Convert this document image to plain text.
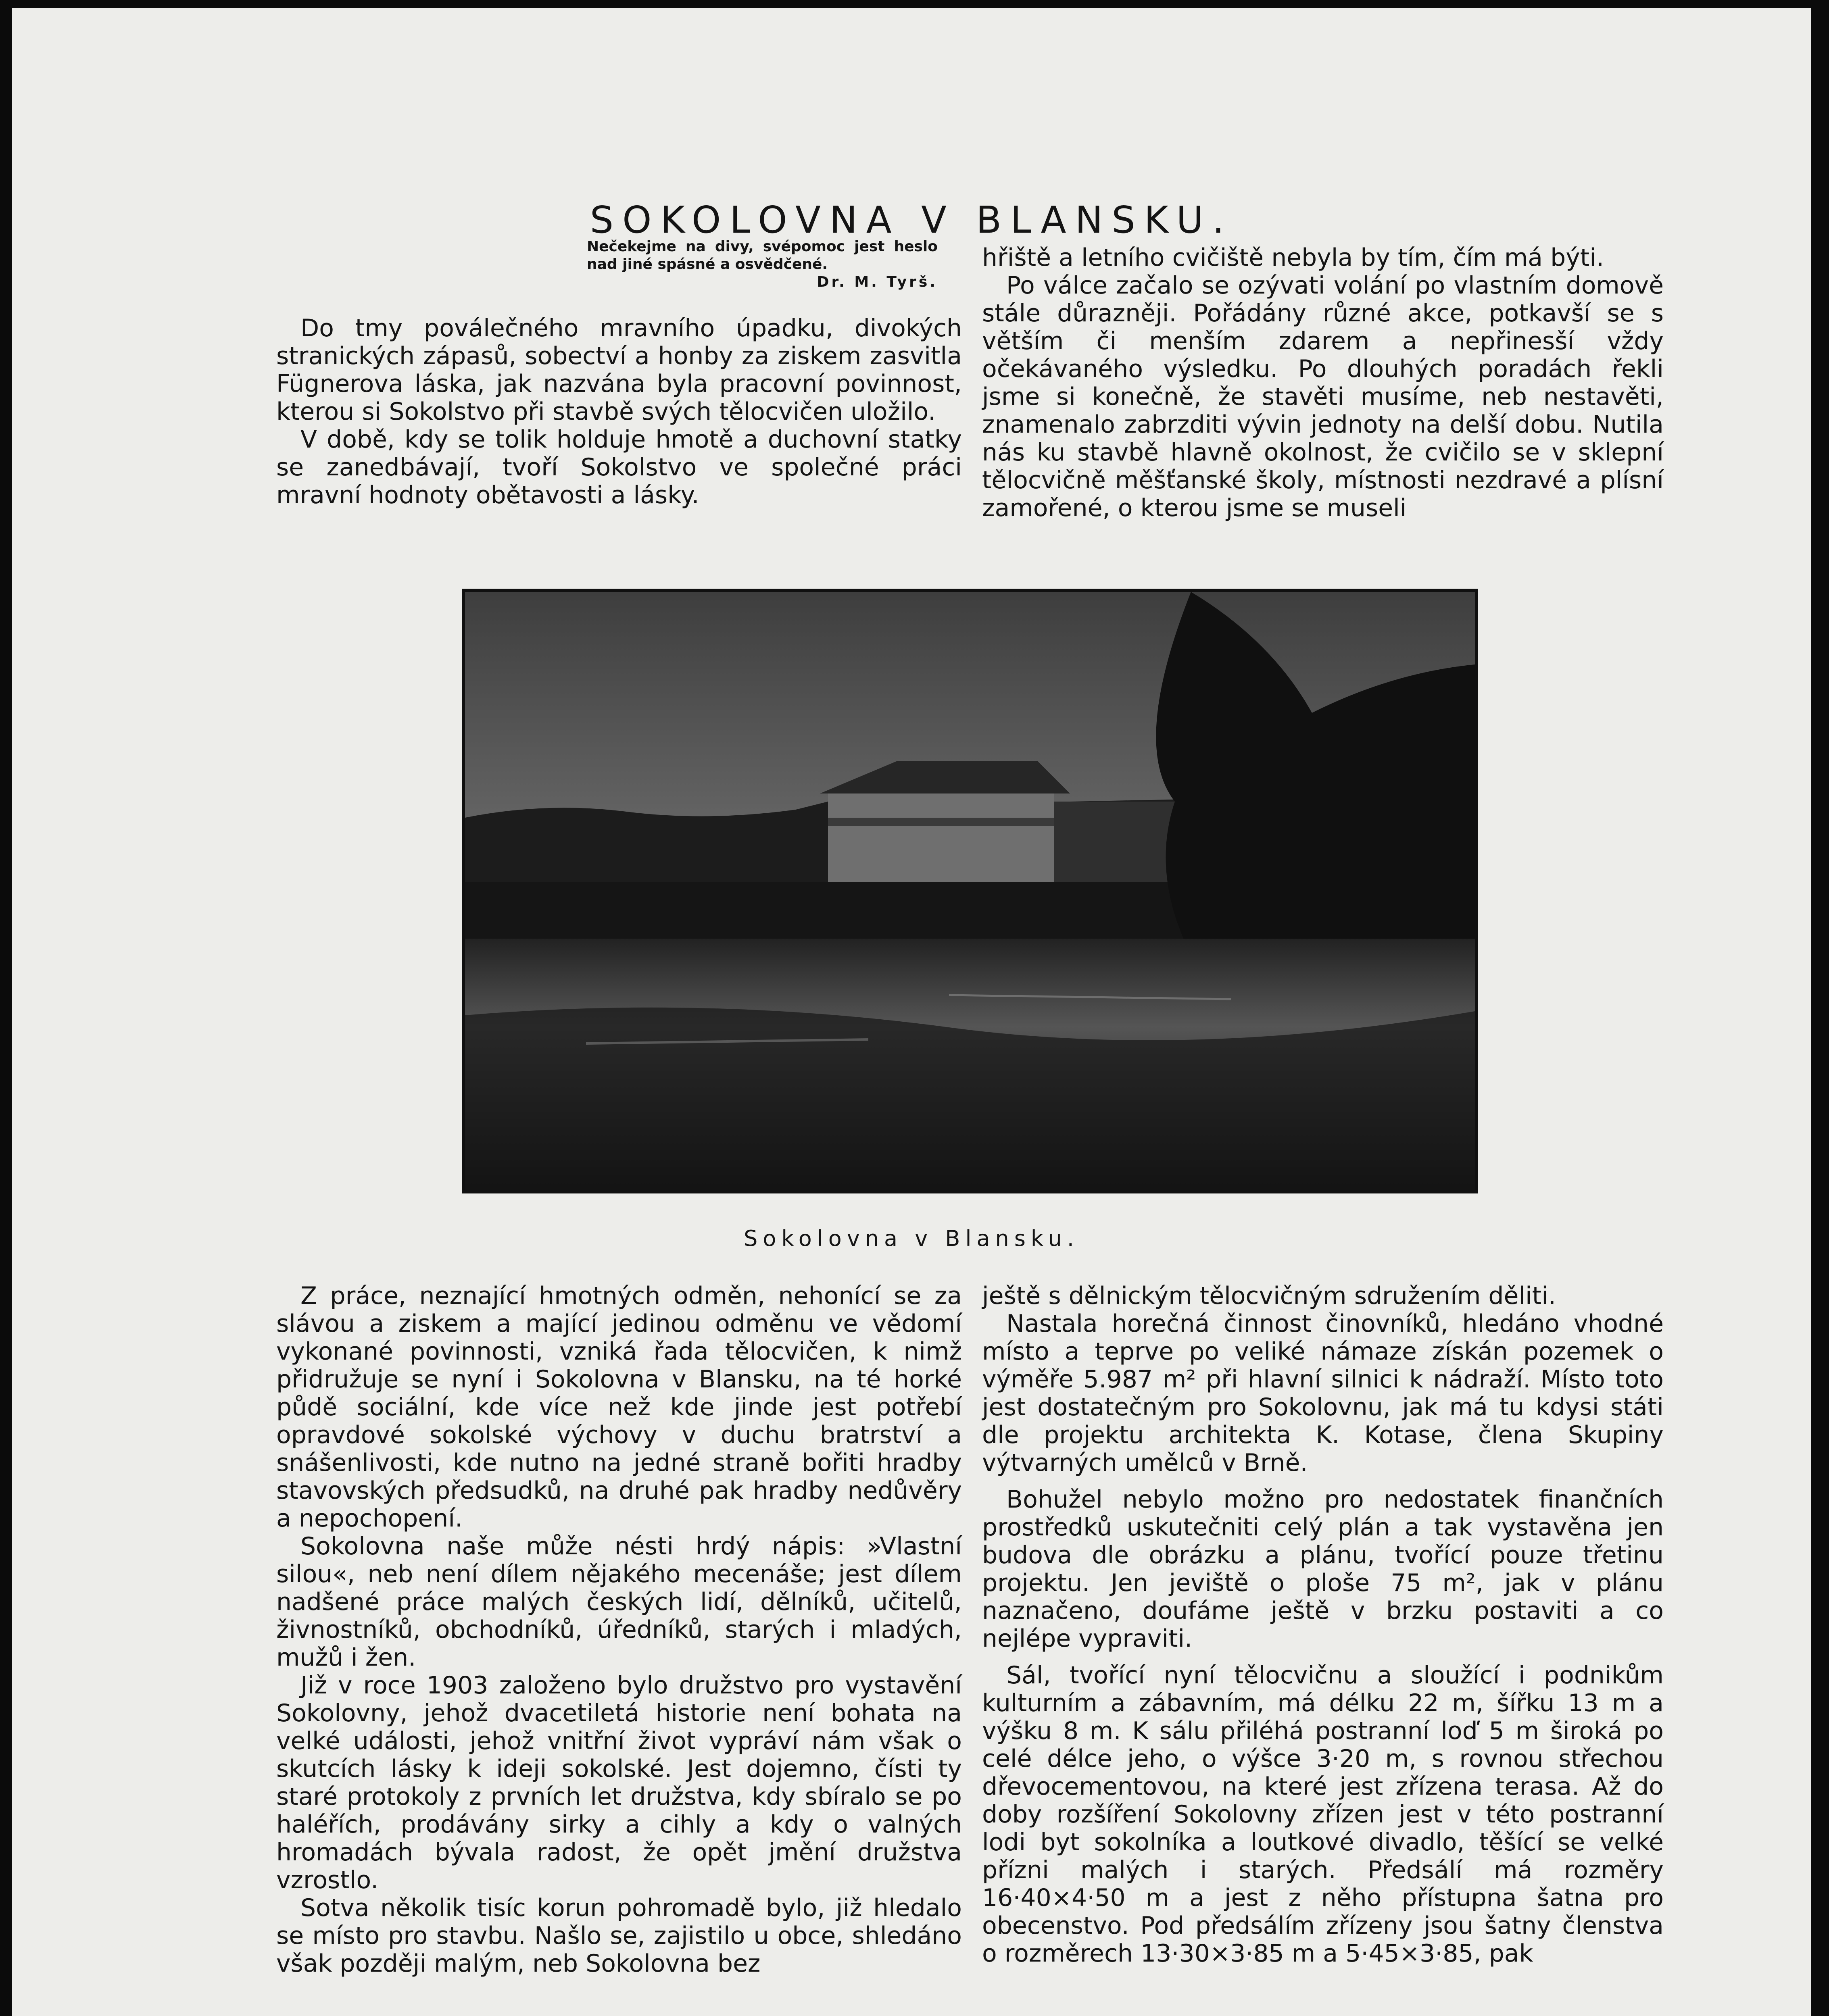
SOKOLOVNA V BLANSKU.
Nečekejme na divy, svépomoc jest heslo nad jiné spásné a osvědčené.
Dr. M. Tyrš.

Do tmy poválečného mravního úpadku, divokých stranických zápasů, sobectví a honby za ziskem zasvitla Fügnerova láska, jak nazvána byla pracovní povinnost, kterou si Sokolstvo při stavbě svých tělocvičen uložilo.

V době, kdy se tolik holduje hmotě a duchovní statky se zanedbávají, tvoří Sokolstvo ve společné práci mravní hodnoty obětavosti a lásky.

hřiště a letního cvičiště nebyla by tím, čím má býti.

Po válce začalo se ozývati volání po vlastním domově stále důrazněji. Pořádány různé akce, potkavší se s větším či menším zdarem a nepřinesší vždy očekávaného výsledku. Po dlouhých poradách řekli jsme si konečně, že stavěti musíme, neb nestavěti, znamenalo zabrzditi vývin jednoty na delší dobu. Nutila nás ku stavbě hlavně okolnost, že cvičilo se v sklepní tělocvičně měšťanské školy, místnosti nezdravé a plísní zamořené, o kterou jsme se museli

Sokolovna v Blansku.

Z práce, neznající hmotných odměn, nehonící se za slávou a ziskem a mající jedinou odměnu ve vědomí vykonané povinnosti, vzniká řada tělocvičen, k nimž přidružuje se nyní i Sokolovna v Blansku, na té horké půdě sociální, kde více než kde jinde jest potřebí opravdové sokolské výchovy v duchu bratrství a snášenlivosti, kde nutno na jedné straně bořiti hradby stavovských předsudků, na druhé pak hradby nedůvěry a nepochopení.

Sokolovna naše může nésti hrdý nápis: »Vlastní silou«, neb není dílem nějakého mecenáše; jest dílem nadšené práce malých českých lidí, dělníků, učitelů, živnostníků, obchodníků, úředníků, starých i mladých, mužů i žen.

Již v roce 1903 založeno bylo družstvo pro vystavění Sokolovny, jehož dvacetiletá historie není bohata na velké události, jehož vnitřní život vypráví nám však o skutcích lásky k ideji sokolské. Jest dojemno, čísti ty staré protokoly z prvních let družstva, kdy sbíralo se po haléřích, prodávány sirky a cihly a kdy o valných hromadách bývala radost, že opět jmění družstva vzrostlo.

Sotva několik tisíc korun pohromadě bylo, již hledalo se místo pro stavbu. Našlo se, zajistilo u obce, shledáno však později malým, neb Sokolovna bez

ještě s dělnickým tělocvičným sdružením děliti.

Nastala horečná činnost činovníků, hledáno vhodné místo a teprve po veliké námaze získán pozemek o výměře 5.987 m² při hlavní silnici k nádraží. Místo toto jest dostatečným pro Sokolovnu, jak má tu kdysi státi dle projektu architekta K. Kotase, člena Skupiny výtvarných umělců v Brně.

Bohužel nebylo možno pro nedostatek finančních prostředků uskutečniti celý plán a tak vystavěna jen budova dle obrázku a plánu, tvořící pouze třetinu projektu. Jen jeviště o ploše 75 m², jak v plánu naznačeno, doufáme ještě v brzku postaviti a co nejlépe vypraviti.

Sál, tvořící nyní tělocvičnu a sloužící i podnikům kulturním a zábavním, má délku 22 m, šířku 13 m a výšku 8 m. K sálu přiléhá postranní loď 5 m široká po celé délce jeho, o výšce 3·20 m, s rovnou střechou dřevocementovou, na které jest zřízena terasa. Až do doby rozšíření Sokolovny zřízen jest v této postranní lodi byt sokolníka a loutkové divadlo, těšící se velké přízni malých i starých. Předsálí má rozměry 16·40×4·50 m a jest z něho přístupna šatna pro obecenstvo. Pod předsálím zřízeny jsou šatny členstva o rozměrech 13·30×3·85 m a 5·45×3·85, pak
